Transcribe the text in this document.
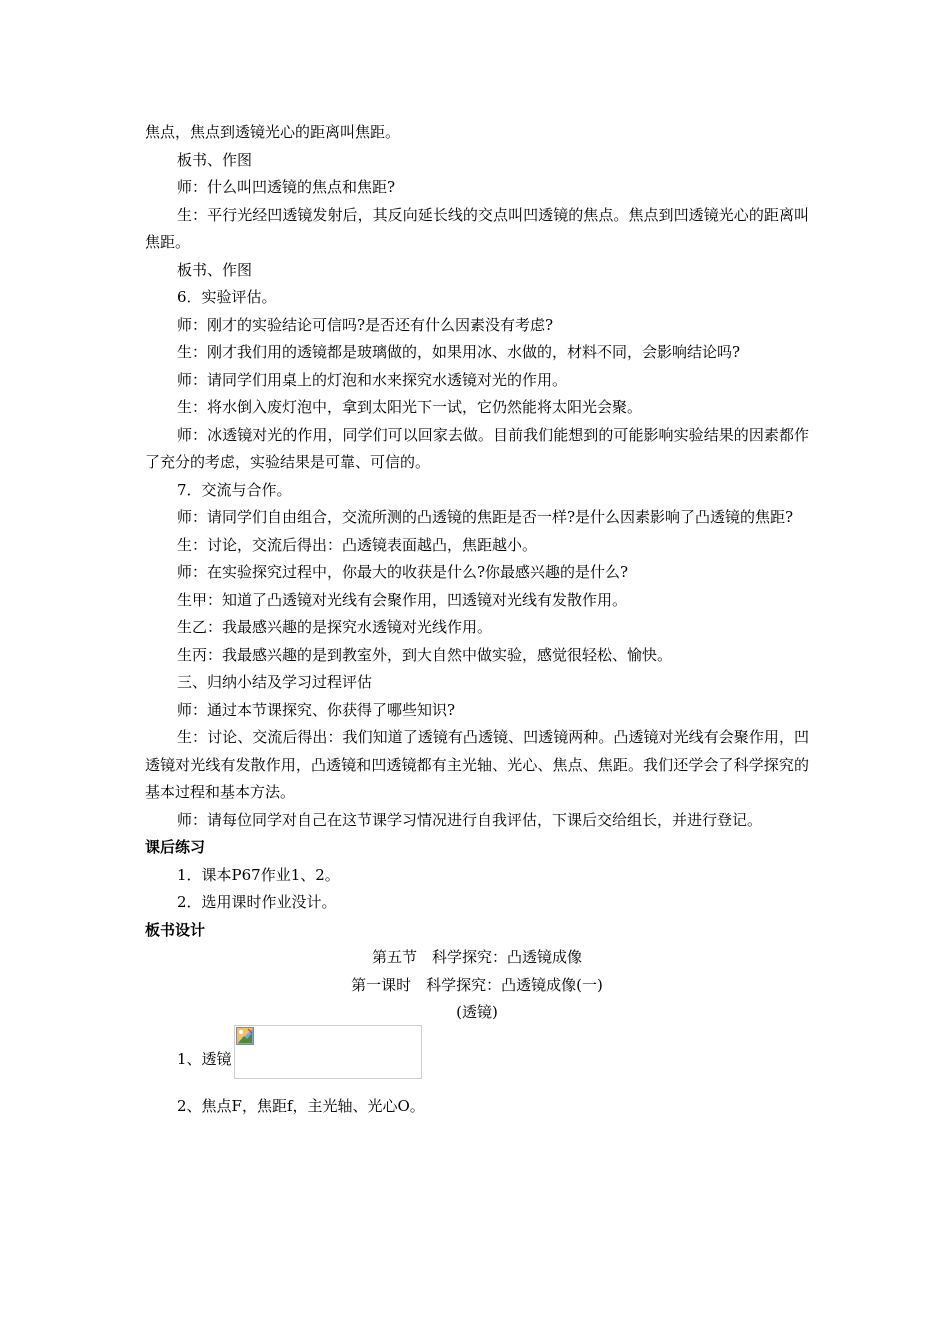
焦点，焦点到透镜光心的距离叫焦距。

板书、作图

师：什么叫凹透镜的焦点和焦距?

生：平行光经凹透镜发射后，其反向延长线的交点叫凹透镜的焦点。焦点到凹透镜光心的距离叫焦距。

板书、作图

6．实验评估。

师：刚才的实验结论可信吗?是否还有什么因素没有考虑?

生：刚才我们用的透镜都是玻璃做的，如果用冰、水做的，材料不同，会影响结论吗?

师：请同学们用桌上的灯泡和水来探究水透镜对光的作用。

生：将水倒入废灯泡中，拿到太阳光下一试，它仍然能将太阳光会聚。

师：冰透镜对光的作用，同学们可以回家去做。目前我们能想到的可能影响实验结果的因素都作了充分的考虑，实验结果是可靠、可信的。

7．交流与合作。

师：请同学们自由组合，交流所测的凸透镜的焦距是否一样?是什么因素影响了凸透镜的焦距?

生：讨论，交流后得出：凸透镜表面越凸，焦距越小。

师：在实验探究过程中，你最大的收获是什么?你最感兴趣的是什么?

生甲：知道了凸透镜对光线有会聚作用，凹透镜对光线有发散作用。

生乙：我最感兴趣的是探究水透镜对光线作用。

生丙：我最感兴趣的是到教室外，到大自然中做实验，感觉很轻松、愉快。

三、归纳小结及学习过程评估

师：通过本节课探究、你获得了哪些知识?

生：讨论、交流后得出：我们知道了透镜有凸透镜、凹透镜两种。凸透镜对光线有会聚作用，凹透镜对光线有发散作用，凸透镜和凹透镜都有主光轴、光心、焦点、焦距。我们还学会了科学探究的基本过程和基本方法。

师：请每位同学对自己在这节课学习情况进行自我评估，下课后交给组长，并进行登记。

课后练习

1．课本P67作业1、2。

2．选用课时作业没计。

板书设计

第五节　科学探究：凸透镜成像

第一课时　科学探究：凸透镜成像(一)

(透镜)

1、透镜

2、焦点F，焦距f，主光轴、光心O。
